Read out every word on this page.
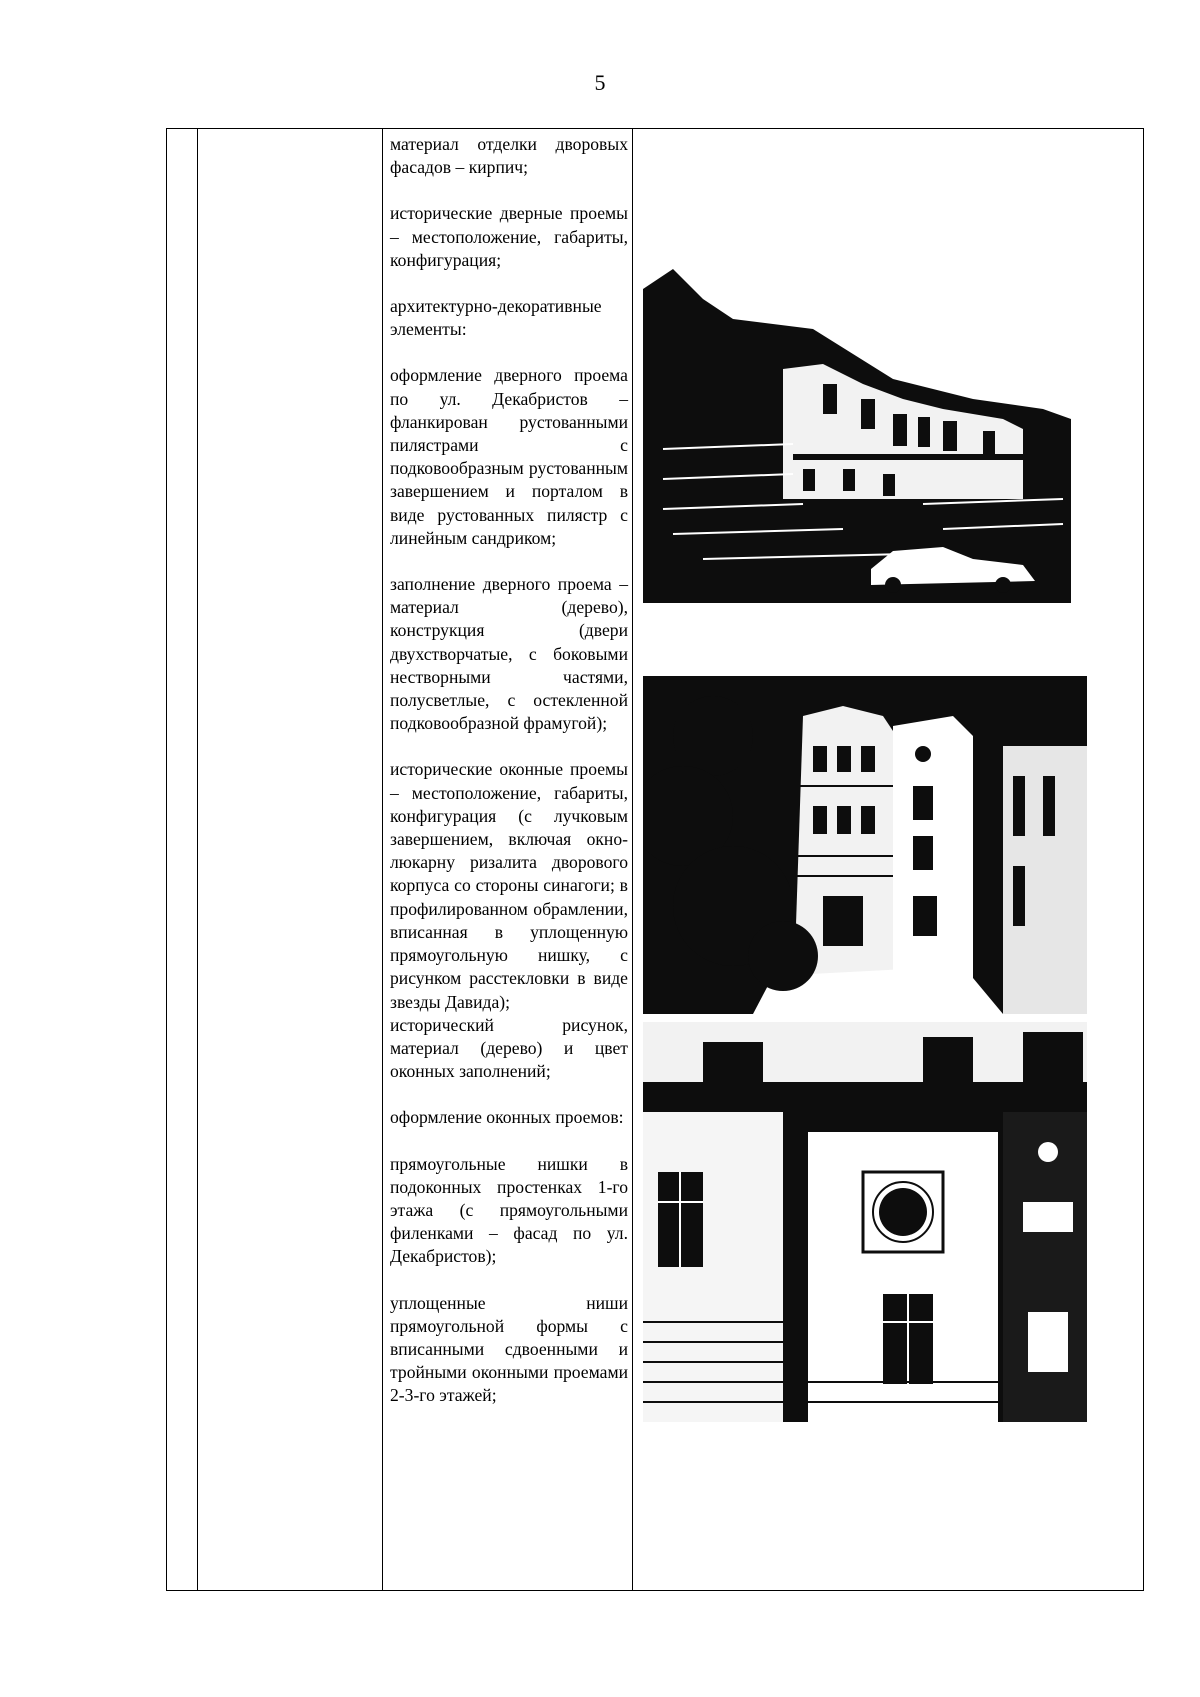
5

материал отделки дворовых фасадов – кирпич;

исторические дверные проемы – местоположение, габариты, конфигурация;

архитектурно-декоративные элементы:

оформление дверного проема по ул. Декабристов – фланкирован рустованными пилястрами с подковообразным рустованным завершением и порталом в виде рустованных пилястр с линейным сандриком;

заполнение дверного проема – материал (дерево), конструкция (двери двухстворчатые, с боковыми нестворными частями, полусветлые, с остекленной подковообразной фрамугой);

исторические оконные проемы – местоположение, габариты, конфигурация (с лучковым завершением, включая окно-люкарну ризалита дворового корпуса со стороны синагоги; в профилированном обрамлении, вписанная в уплощенную прямоугольную нишку, с рисунком расстекловки в виде звезды Давида);

исторический рисунок, материал (дерево) и цвет оконных заполнений;

оформление оконных проемов:

прямоугольные нишки в подоконных простенках 1-го этажа (с прямоугольными филенками – фасад по ул. Декабристов);

уплощенные ниши прямоугольной формы с вписанными сдвоенными и тройными оконными проемами 2-3-го этажей;
